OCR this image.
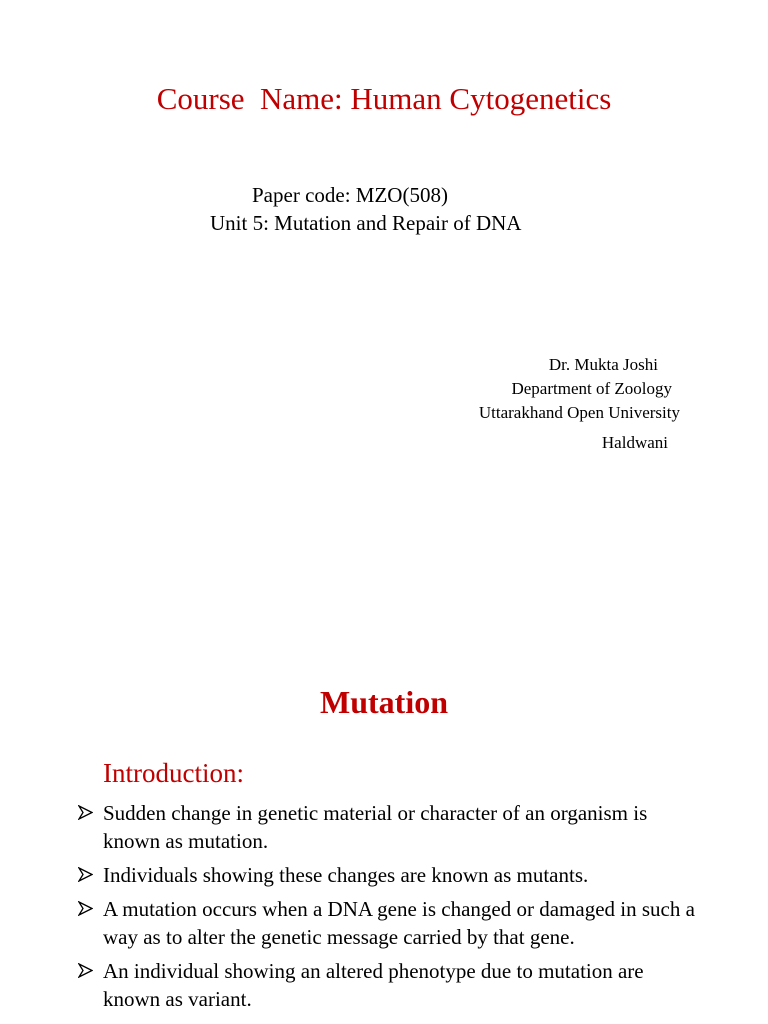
Course  Name: Human Cytogenetics
Paper code: MZO(508)
Unit 5: Mutation and Repair of DNA
Dr. Mukta Joshi
Department of Zoology
Uttarakhand Open University
Haldwani
Mutation
Introduction:
Sudden change in genetic material or character of an organism is known as mutation.
Individuals showing these changes are known as mutants.
A mutation occurs when a DNA gene is changed or damaged in such a way as to alter the genetic message carried by that gene.
An individual showing an altered phenotype due to mutation are known as variant.
